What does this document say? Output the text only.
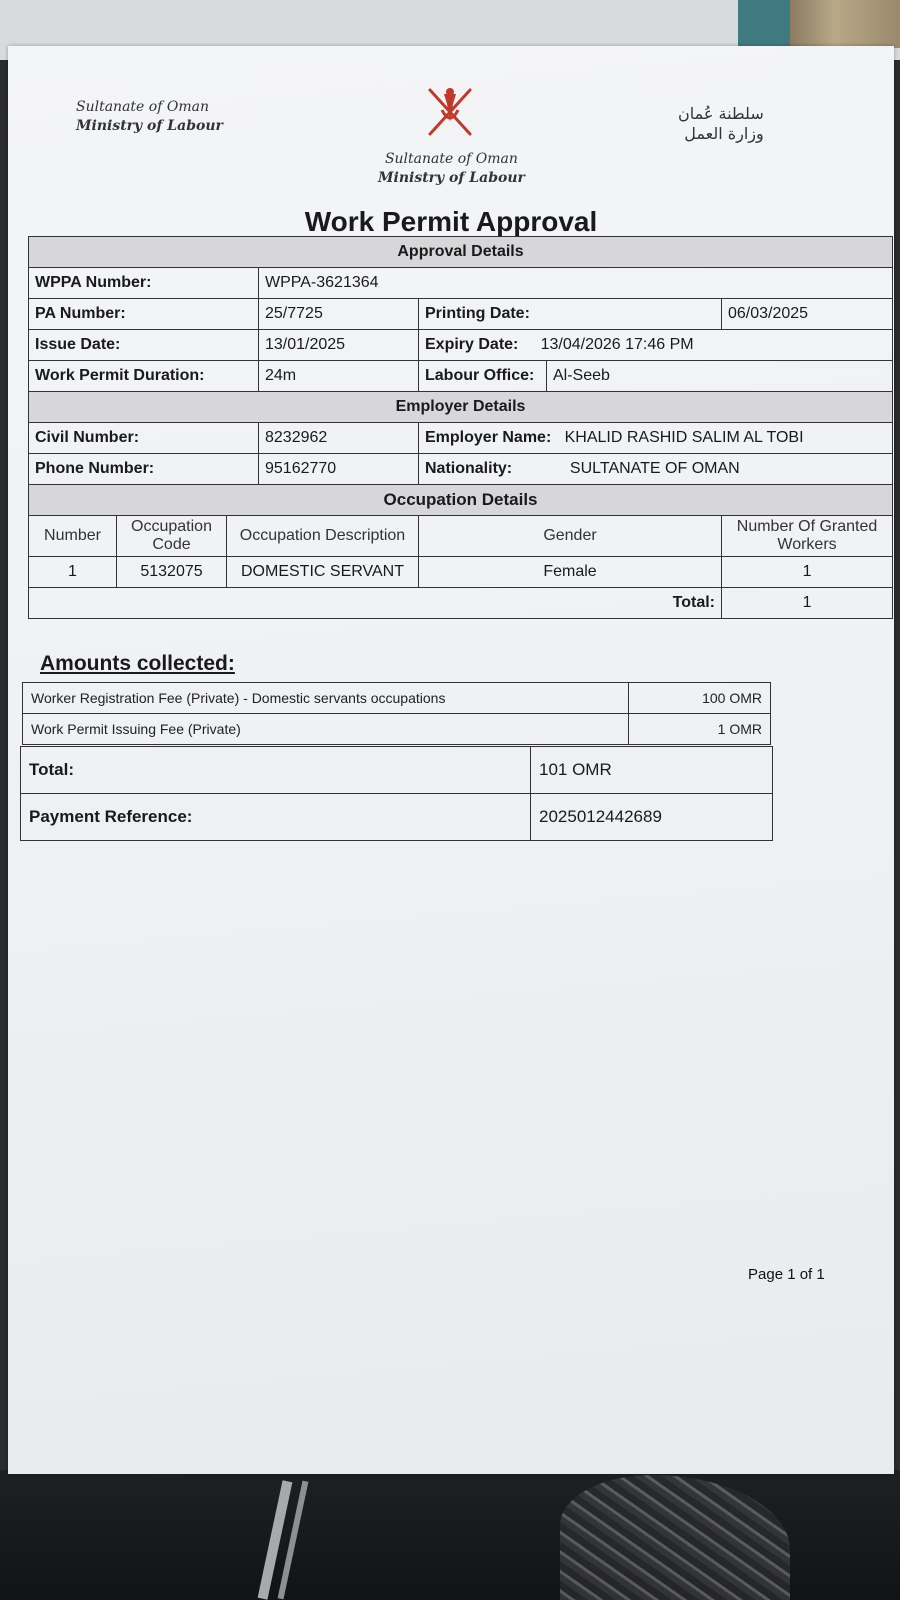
Sultanate of Oman
Ministry of Labour
Sultanate of Oman
Ministry of Labour
سلطنة عُمان
وزارة العمل
Work Permit Approval
Approval Details						
WPPA Number:			WPPA-3621364			
PA Number:			25/7725	Printing Date:		06/03/2025
Issue Date:			13/01/2025	Expiry Date: 13/04/2026 17:46 PM		
Work Permit Duration:			24m	Labour Office:	Al-Seeb	
Employer Details						
Civil Number:			8232962	Employer Name: KHALID RASHID SALIM AL TOBI		
Phone Number:			95162770	Nationality: SULTANATE OF OMAN		
Occupation Details						
Number	Occupation Code	Occupation Description		Gender		Number Of Granted Workers
1	5132075	DOMESTIC SERVANT		Female		1
Total:						1
Amounts collected:
Worker Registration Fee (Private) - Domestic servants occupations	100 OMR
Work Permit Issuing Fee (Private)	1 OMR
Total:	101 OMR
Payment Reference:	2025012442689
Page 1 of 1
